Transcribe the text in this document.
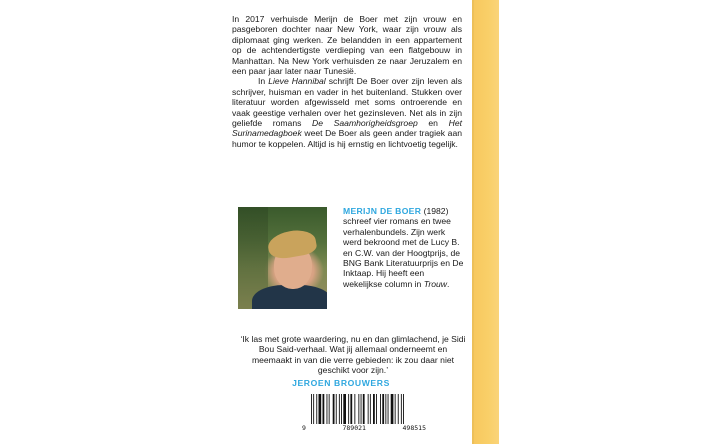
In 2017 verhuisde Merijn de Boer met zijn vrouw en pasgeboren dochter naar New York, waar zijn vrouw als diplomaat ging werken. Ze belandden in een appartement op de achtendertigste verdieping van een flatgebouw in Manhattan. Na New York verhuisden ze naar Jeruzalem en een paar jaar later naar Tunesië.

In Lieve Hannibal schrijft De Boer over zijn leven als schrijver, huisman en vader in het buitenland. Stukken over literatuur worden afgewisseld met soms ontroerende en vaak geestige verhalen over het gezinsleven. Net als in zijn geliefde romans De Saamhorigheidsgroep en Het Surinamedagboek weet De Boer als geen ander tragiek aan humor te koppelen. Altijd is hij ernstig en lichtvoetig tegelijk.

MERIJN DE BOER (1982) schreef vier romans en twee verhalenbundels. Zijn werk werd bekroond met de Lucy B. en C.W. van der Hoogtprijs, de BNG Bank Literatuurprijs en De Inktaap. Hij heeft een wekelijkse column in Trouw.
‘Ik las met grote waardering, nu en dan glimlachend, je Sidi Bou Said-verhaal. Wat jij allemaal onderneemt en meemaakt in van die verre gebieden: ik zou daar niet geschikt voor zijn.’
JEROEN BROUWERS
9	789021	498515
